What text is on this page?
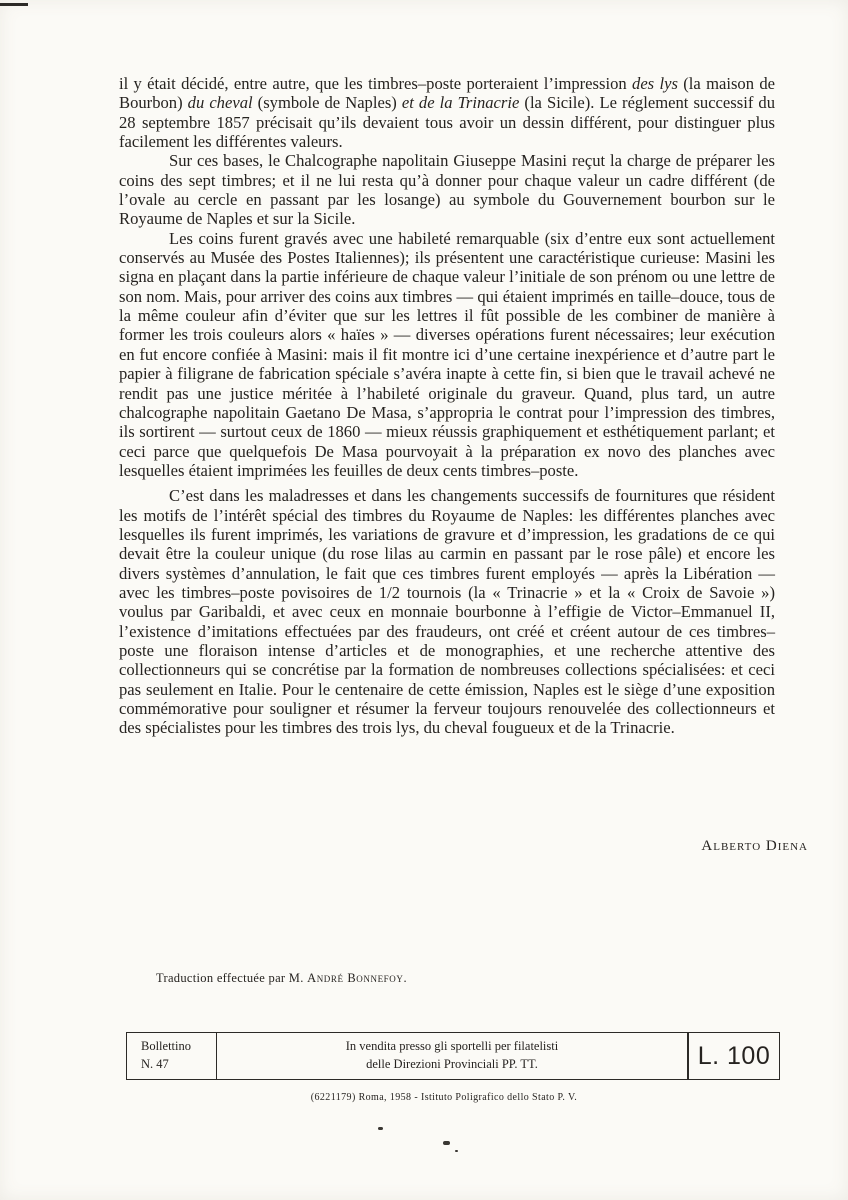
il y était décidé, entre autre, que les timbres–poste porteraient l’impression des lys (la maison de Bourbon) du cheval (symbole de Naples) et de la Trinacrie (la Sicile). Le réglement successif du 28 septembre 1857 précisait qu’ils devaient tous avoir un dessin différent, pour distinguer plus facilement les différentes valeurs.

Sur ces bases, le Chalcographe napolitain Giuseppe Masini reçut la charge de préparer les coins des sept timbres; et il ne lui resta qu’à donner pour chaque valeur un cadre différent (de l’ovale au cercle en passant par les losange) au symbole du Gouvernement bourbon sur le Royaume de Naples et sur la Sicile.

Les coins furent gravés avec une habileté remarquable (six d’entre eux sont actuellement conservés au Musée des Postes Italiennes); ils présentent une caractéristique curieuse: Masini les signa en plaçant dans la partie inférieure de chaque valeur l’initiale de son prénom ou une lettre de son nom. Mais, pour arriver des coins aux timbres — qui étaient imprimés en taille–douce, tous de la même couleur afin d’éviter que sur les lettres il fût possible de les combiner de manière à former les trois couleurs alors « haïes » — diverses opérations furent nécessaires; leur exécution en fut encore confiée à Masini: mais il fit montre ici d’une certaine inexpérience et d’autre part le papier à filigrane de fabrication spéciale s’avéra inapte à cette fin, si bien que le travail achevé ne rendit pas une justice méritée à l’habileté originale du graveur. Quand, plus tard, un autre chalcographe napolitain Gaetano De Masa, s’appropria le contrat pour l’impression des timbres, ils sortirent — surtout ceux de 1860 — mieux réussis graphiquement et esthétiquement parlant; et ceci parce que quelquefois De Masa pourvoyait à la préparation ex novo des planches avec lesquelles étaient imprimées les feuilles de deux cents timbres–poste.

C’est dans les maladresses et dans les changements successifs de fournitures que résident les motifs de l’intérêt spécial des timbres du Royaume de Naples: les différentes planches avec lesquelles ils furent imprimés, les variations de gravure et d’impression, les gradations de ce qui devait être la couleur unique (du rose lilas au carmin en passant par le rose pâle) et encore les divers systèmes d’annulation, le fait que ces timbres furent employés — après la Libération — avec les timbres–poste povisoires de 1/2 tournois (la « Trinacrie » et la « Croix de Savoie ») voulus par Garibaldi, et avec ceux en monnaie bourbonne à l’effigie de Victor–Emmanuel II, l’existence d’imitations effectuées par des fraudeurs, ont créé et créent autour de ces timbres–poste une floraison intense d’articles et de monographies, et une recherche attentive des collectionneurs qui se concrétise par la formation de nombreuses collections spécialisées: et ceci pas seulement en Italie. Pour le centenaire de cette émission, Naples est le siège d’une exposition commémorative pour souligner et résumer la ferveur toujours renouvelée des collectionneurs et des spécialistes pour les timbres des trois lys, du cheval fougueux et de la Trinacrie.

Alberto Diena
Traduction effectuée par M. André Bonnefoy.
Bollettino
N. 47
In vendita presso gli sportelli per filatelisti
delle Direzioni Provinciali PP. TT.	L. 100
(6221179) Roma, 1958 - Istituto Poligrafico dello Stato P. V.
